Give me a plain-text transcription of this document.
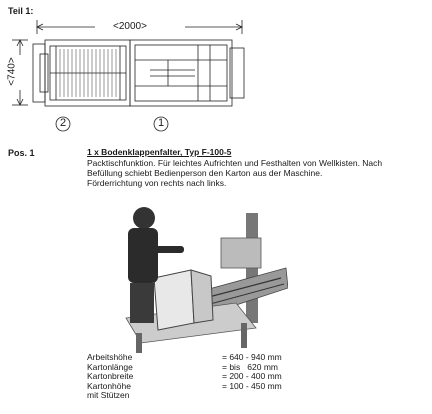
Teil 1:
<2000>
<740>
2	1
Pos. 1	1 x Bodenklappenfalter, Typ F-100-5

Packtischfunktion. Für leichtes Aufrichten und Festhalten von Wellkisten. Nach

Befüllung schiebt Bedienperson den Karton aus der Maschine.

Förderrichtung von rechts nach links.

Arbeitshöhe	= 640 - 940 mm
Kartonlänge	= bis   620 mm
Kartonbreite	= 200 - 400 mm
Kartonhöhe	= 100 - 450 mm
mit Stützen
